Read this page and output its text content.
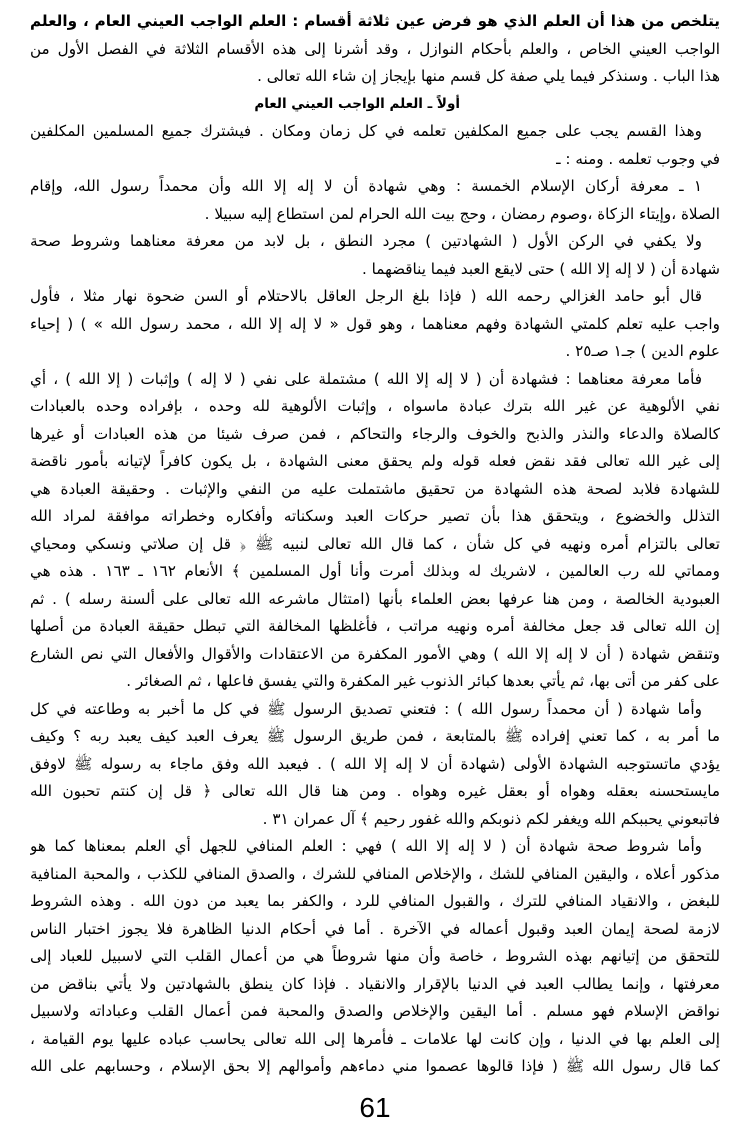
يتلخص من هذا أن العلم الذي هو فرض عين ثلاثة أقسام : العلم الواجب العيني العام ، والعلم
الواجب العيني الخاص ، والعلم بأحكام النوازل ، وقد أشرنا إلى هذه الأقسام الثلاثة في الفصل الأول من
هذا الباب . وسنذكر فيما يلي صفة كل قسم منها بإيجاز إن شاء الله تعالى .
أولاً ـ العلم الواجب العيني العام
وهذا القسم يجب على جميع المكلفين تعلمه في كل زمان ومكان . فيشترك جميع المسلمين المكلفين
في وجوب تعلمه . ومنه : ـ
١ ـ معرفة أركان الإسلام الخمسة : وهي شهادة أن لا إله إلا الله وأن محمداً رسول الله، وإقام
الصلاة ،وإيتاء الزكاة ،وصوم رمضان ، وحج بيت الله الحرام لمن استطاع إليه سبيلا .
ولا يكفي في الركن الأول ( الشهادتين ) مجرد النطق ، بل لابد من معرفة معناهما وشروط صحة
شهادة أن ( لا إله إلا الله ) حتى لايقع العبد فيما يناقضهما .
قال أبو حامد الغزالي رحمه الله ( فإذا بلغ الرجل العاقل بالاحتلام أو السن ضحوة نهار مثلا ، فأول
واجب عليه تعلم كلمتي الشهادة وفهم معناهما ، وهو قول « لا إله إلا الله ، محمد رسول الله » ) ( إحياء
علوم الدين ) جـ١ صـ٢٥ .
فأما معرفة معناهما : فشهادة أن ( لا إله إلا الله ) مشتملة على نفي ( لا إله ) وإثبات ( إلا الله ) ، أي
نفي الألوهية عن غير الله بترك عبادة ماسواه ، وإثبات الألوهية لله وحده ، بإفراده وحده بالعبادات
كالصلاة والدعاء والنذر والذبح والخوف والرجاء والتحاكم ، فمن صرف شيئا من هذه العبادات أو غيرها
إلى غير الله تعالى فقد نقض فعله قوله ولم يحقق معنى الشهادة ، بل يكون كافراً لإتيانه بأمور ناقضة
للشهادة فلابد لصحة هذه الشهادة من تحقيق ماشتملت عليه من النفي والإثبات . وحقيقة العبادة هي
التذلل والخضوع ، ويتحقق هذا بأن تصير حركات العبد وسكناته وأفكاره وخطراته موافقة لمراد الله
تعالى بالتزام أمره ونهيه في كل شأن ، كما قال الله تعالى لنبيه ﷺ ﴿ قل إن صلاتي ونسكي ومحياي
ومماتي لله رب العالمين ، لاشريك له وبذلك أمرت وأنا أول المسلمين ﴾ الأنعام ١٦٢ ـ ١٦٣ . هذه هي
العبودية الخالصة ، ومن هنا عرفها بعض العلماء بأنها (امتثال ماشرعه الله تعالى على ألسنة رسله ) . ثم
إن الله تعالى قد جعل مخالفة أمره ونهيه مراتب ، فأغلظها المخالفة التي تبطل حقيقة العبادة من أصلها
وتنقض شهادة ( أن لا إله إلا الله ) وهي الأمور المكفرة من الاعتقادات والأقوال والأفعال التي نص الشارع
على كفر من أتى بها، ثم يأتي بعدها كبائر الذنوب غير المكفرة والتي يفسق فاعلها ، ثم الصغائر .
وأما شهادة ( أن محمداً رسول الله ) : فتعني تصديق الرسول ﷺ في كل ما أخبر به وطاعته في كل
ما أمر به ، كما تعني إفراده ﷺ بالمتابعة ، فمن طريق الرسول ﷺ يعرف العبد كيف يعبد ربه ؟ وكيف
يؤدي ماتستوجبه الشهادة الأولى (شهادة أن لا إله إلا الله ) . فيعبد الله وفق ماجاء به رسوله ﷺ لاوفق
مايستحسنه بعقله وهواه أو بعقل غيره وهواه . ومن هنا قال الله تعالى ﴿ قل إن كنتم تحبون الله
فاتبعوني يحببكم الله ويغفر لكم ذنوبكم والله غفور رحيم ﴾ آل عمران ٣١ .
وأما شروط صحة شهادة أن ( لا إله إلا الله ) فهي : العلم المنافي للجهل أي العلم بمعناها كما هو
مذكور أعلاه ، واليقين المنافي للشك ، والإخلاص المنافي للشرك ، والصدق المنافي للكذب ، والمحبة المنافية
للبغض ، والانقياد المنافي للترك ، والقبول المنافي للرد ، والكفر بما يعبد من دون الله . وهذه الشروط
لازمة لصحة إيمان العبد وقبول أعماله في الآخرة . أما في أحكام الدنيا الظاهرة فلا يجوز اختبار الناس
للتحقق من إتيانهم بهذه الشروط ، خاصة وأن منها شروطاً هي من أعمال القلب التي لاسبيل للعباد إلى
معرفتها ، وإنما يطالب العبد في الدنيا بالإقرار والانقياد . فإذا كان ينطق بالشهادتين ولا يأتي بناقض من
نواقض الإسلام فهو مسلم . أما اليقين والإخلاص والصدق والمحبة فمن أعمال القلب وعباداته ولاسبيل
إلى العلم بها في الدنيا ، وإن كانت لها علامات ـ فأمرها إلى الله تعالى يحاسب عباده عليها يوم القيامة ،
كما قال رسول الله ﷺ ( فإذا قالوها عصموا مني دماءهم وأموالهم إلا بحق الإسلام ، وحسابهم على الله
61
